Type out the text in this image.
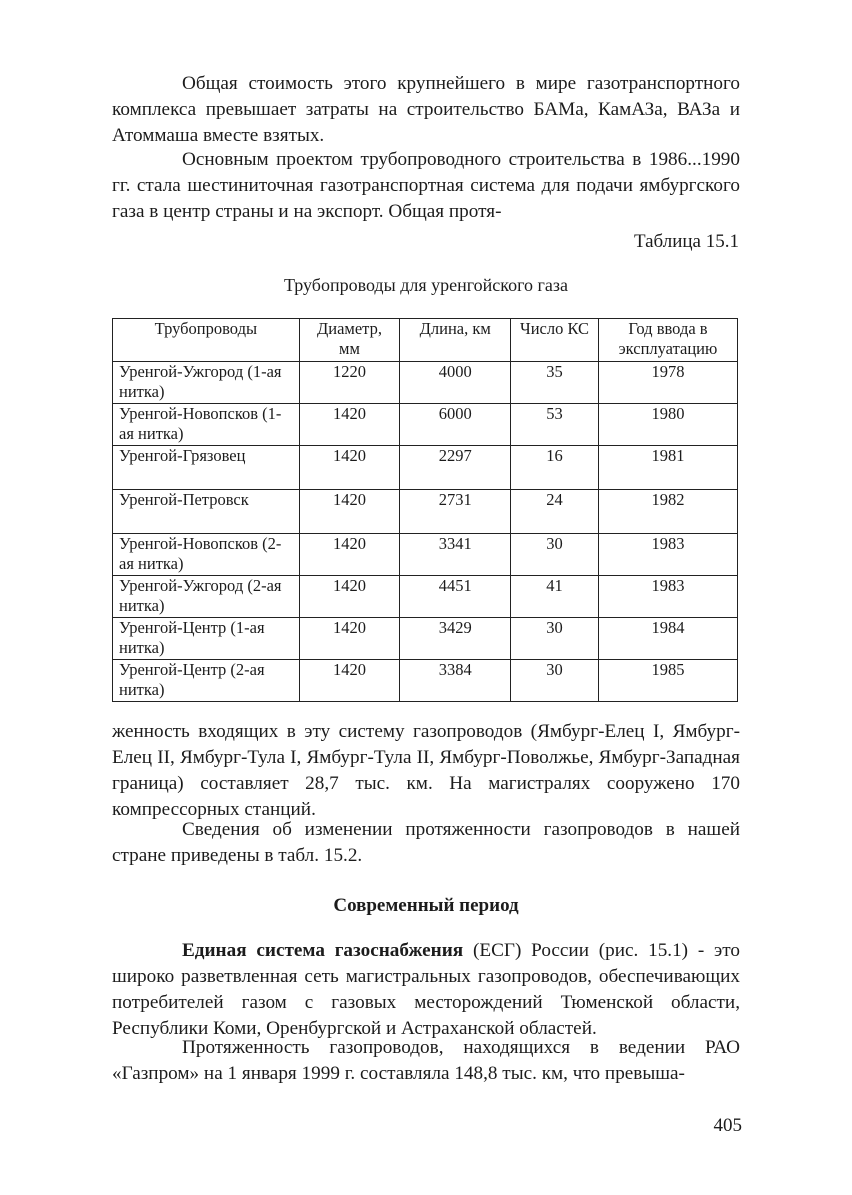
Общая стоимость этого крупнейшего в мире газотранспортного комплекса превышает затраты на строительство БАМа, КамАЗа, ВАЗа и Атоммаша вместе взятых.

Основным проектом трубопроводного строительства в 1986...1990 гг. стала шестиниточная газотранспортная система для подачи ямбургского газа в центр страны и на экспорт. Общая протя-

Таблица 15.1

Трубопроводы для уренгойского газа

Трубопроводы	Диаметр, мм	Длина, км	Число КС	Год ввода в эксплуатацию
Уренгой-Ужгород (1-ая нитка)	1220	4000	35	1978
Уренгой-Новопсков (1-ая нитка)	1420	6000	53	1980
Уренгой-Грязовец	1420	2297	16	1981
Уренгой-Петровск	1420	2731	24	1982
Уренгой-Новопсков (2-ая нитка)	1420	3341	30	1983
Уренгой-Ужгород (2-ая нитка)	1420	4451	41	1983
Уренгой-Центр (1-ая нитка)	1420	3429	30	1984
Уренгой-Центр (2-ая нитка)	1420	3384	30	1985

женность входящих в эту систему газопроводов (Ямбург-Елец I, Ямбург-Елец II, Ямбург-Тула I, Ямбург-Тула II, Ямбург-Поволжье, Ямбург-Западная граница) составляет 28,7 тыс. км. На магистралях сооружено 170 компрессорных станций.

Сведения об изменении протяженности газопроводов в нашей стране приведены в табл. 15.2.

Современный период

Единая система газоснабжения (ЕСГ) России (рис. 15.1) - это широко разветвленная сеть магистральных газопроводов, обеспечивающих потребителей газом с газовых месторождений Тюменской области, Республики Коми, Оренбургской и Астраханской областей.

Протяженность газопроводов, находящихся в ведении РАО «Газпром» на 1 января 1999 г. составляла 148,8 тыс. км, что превыша-

405
